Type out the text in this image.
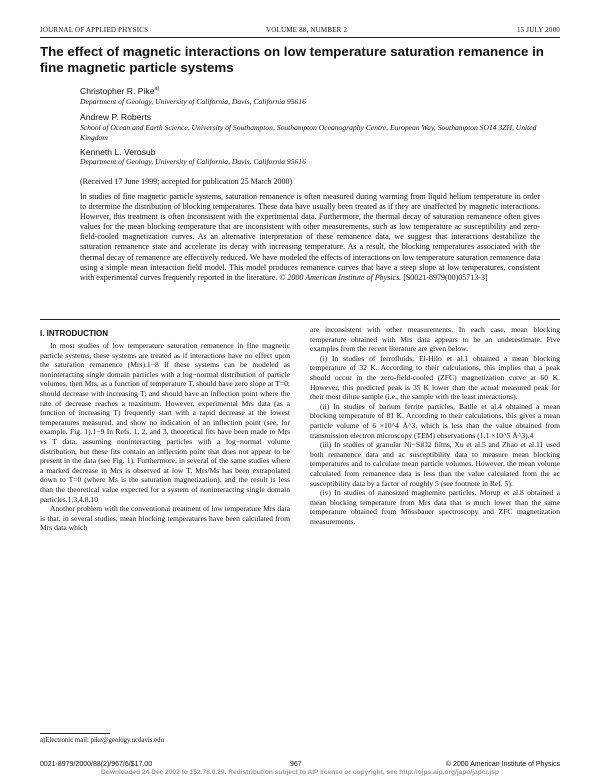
JOURNAL OF APPLIED PHYSICS	VOLUME 88, NUMBER 2	15 JULY 2000
The effect of magnetic interactions on low temperature saturation remanence in fine magnetic particle systems
Christopher R. Pike$^{a)}$
Department of Geology, University of California, Davis, California 95616
Andrew P. Roberts
School of Ocean and Earth Science, University of Southampton, Southampton Oceanography Centre, European Way, Southampton SO14 3ZH, United Kingdom
Kenneth L. Verosub
Department of Geology, University of California, Davis, California 95616
(Received 17 June 1999; accepted for publication 25 March 2000)
In studies of fine magnetic particle systems, saturation remanence is often measured during warming from liquid helium temperature in order to determine the distribution of blocking temperatures. These data have usually been treated as if they are unaffected by magnetic interactions. However, this treatment is often inconsistent with the experimental data. Furthermore, the thermal decay of saturation remanence often gives values for the mean blocking temperature that are inconsistent with other measurements, such as low temperature ac susceptibility and zero-field-cooled magnetization curves. As an alternative interpretation of these remanence data, we suggest that interactions destabilize the saturation remanence state and accelerate its decay with increasing temperature. As a result, the blocking temperatures associated with the thermal decay of remanence are effectively reduced. We have modeled the effects of interactions on low temperature saturation remanence data using a simple mean interaction field model. This model produces remanence curves that have a steep slope at low temperatures, consistent with experimental curves frequently reported in the literature. © 2000 American Institute of Physics. [S0021-8979(00)05713-3]
I. INTRODUCTION

In most studies of low temperature saturation remanence in fine magnetic particle systems, these systems are treated as if interactions have no effect upon the saturation remanence (Mrs).1−8 If these systems can be modeled as noninteracting single domain particles with a log−normal distribution of particle volumes, then Mrs, as a function of temperature T, should have zero slope at T=0; should decrease with increasing T; and should have an inflection point where the rate of decrease reaches a maximum. However, experimental Mrs data (as a function of increasing T) frequently start with a rapid decrease at the lowest temperatures measured, and show no indication of an inflection point (see, for example, Fig. 1).1−9 In Refs. 1, 2, and 3, theoretical fits have been made to Mrs vs T data, assuming noninteracting particles with a log−normal volume distribution, but these fits contain an inflection point that does not appear to be present in the data (see Fig. 1). Furthermore, in several of the same studies where a marked decrease in Mrs is observed at low T, Mrs/Ms has been extrapolated down to T=0 (where Ms is the saturation magnetization), and the result is less than the theoretical value expected for a system of noninteracting single domain particles.1,3,4,8,10

Another problem with the conventional treatment of low temperature Mrs data is that, in several studies, mean blocking temperatures have been calculated from Mrs data which

are inconsistent with other measurements. In each case, mean blocking temperature obtained with Mrs data appears to be an underestimate. Five examples from the recent literature are given below.

(i) In studies of ferrofluids, El-Hilo et al.1 obtained a mean blocking temperature of 32 K. According to their calculations, this implies that a peak should occur in the zero-field-cooled (ZFC) magnetization curve at 60 K. However, this predicted peak is 35 K lower than the actual measured peak for their most dilute sample (i.e., the sample with the least interactions).

(ii) In studies of barium ferrite particles, Batlle et al.4 obtained a mean blocking temperature of 81 K. According to their calculations, this gives a mean particle volume of 6 ×10^4 Å^3, which is less than the value obtained from transmission electron microscopy (TEM) observations (1.1 ×10^5 Å^3).4

(iii) In studies of granular Ni−SiO2 films, Xu et al.5 and Zhao et al.11 used both remanence data and ac susceptibility data to measure mean blocking temperatures and to calculate mean particle volumes. However, the mean volume calculated from remanence data is less than the value calculated from the ac susceptibility data by a factor of roughly 5 (see footnote in Ref. 5).

(iv) In studies of nanosized maghemite particles, Morup et al.8 obtained a mean blocking temperature from Mrs data that is much lower than the same temperature obtained from Mössbauer spectroscopy and ZFC magnetization measurements.

a)Electronic mail: pike@geology.ucdavis.edu
0021-8979/2000/88(2)/967/6/$17.00	967	© 2000 American Institute of Physics
Downloaded 24 Dec 2002 to 152.78.0.29. Redistribution subject to AIP license or copyright, see http://ojps.aip.org/japo/japcr.jsp
